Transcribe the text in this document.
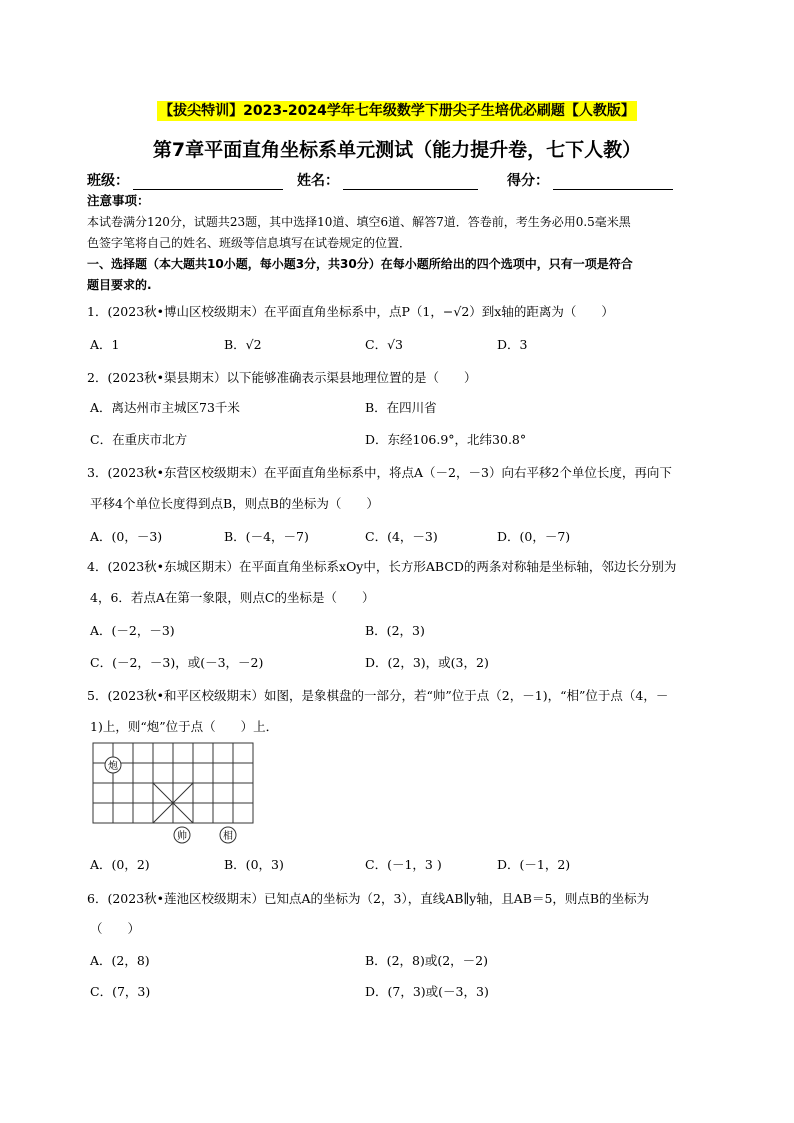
【拔尖特训】2023-2024学年七年级数学下册尖子生培优必刷题【人教版】
第7章平面直角坐标系单元测试（能力提升卷，七下人教）
班级：	姓名：	得分：
注意事项：
本试卷满分120分，试题共23题，其中选择10道、填空6道、解答7道．答卷前，考生务必用0.5毫米黑
色签字笔将自己的姓名、班级等信息填写在试卷规定的位置．
一、选择题（本大题共10小题，每小题3分，共30分）在每小题所给出的四个选项中，只有一项是符合
题目要求的.
1．(2023秋•博山区校级期末）在平面直角坐标系中，点P（1，−√2）到x轴的距离为（　　）
A．1	B．√2	C．√3	D．3
2．(2023秋•渠县期末）以下能够准确表示渠县地理位置的是（　　）
A．离达州市主城区73千米	B．在四川省
C．在重庆市北方	D．东经106.9°，北纬30.8°
3．(2023秋•东营区校级期末）在平面直角坐标系中，将点A（－2，－3）向右平移2个单位长度，再向下
平移4个单位长度得到点B，则点B的坐标为（　　）
A．(0，－3)	B．(－4，－7)	C．(4，－3)	D．(0，－7)
4．(2023秋•东城区期末）在平面直角坐标系xOy中，长方形ABCD的两条对称轴是坐标轴，邻边长分别为
4，6．若点A在第一象限，则点C的坐标是（　　）
A．(－2，－3)	B．(2，3)
C．(－2，－3)，或(－3，－2)	D．(2，3)，或(3，2)
5．(2023秋•和平区校级期末）如图，是象棋盘的一部分，若“帅”位于点（2，－1)，“相”位于点（4，－
1)上，则“炮”位于点（　　）上．
炮
帅	相
A．(0，2)	B．(0，3)	C．(－1，3 )	D．(－1，2)
6．(2023秋•莲池区校级期末）已知点A的坐标为（2，3），直线AB∥y轴，且AB＝5，则点B的坐标为
（　　）
A．(2，8)	B．(2，8)或(2，－2)
C．(7，3)	D．(7，3)或(－3，3)
